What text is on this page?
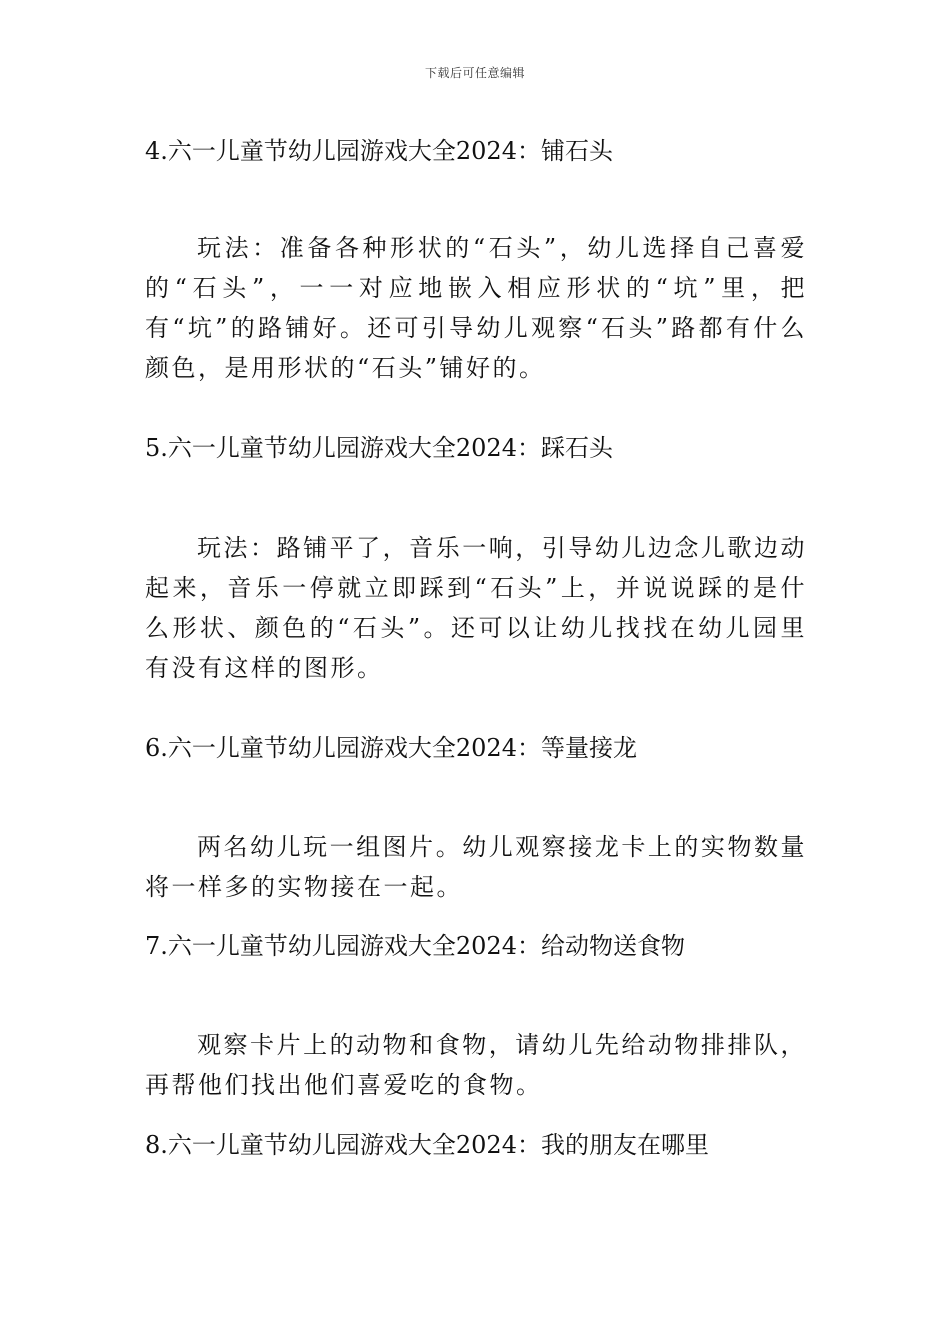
下载后可任意编辑
4.六一儿童节幼儿园游戏大全2024：铺石头

玩法：准备各种形状的“石头”，幼儿选择自己喜爱的“石头”，一一对应地嵌入相应形状的“坑”里，把有“坑”的路铺好。还可引导幼儿观察“石头”路都有什么颜色，是用形状的“石头”铺好的。

5.六一儿童节幼儿园游戏大全2024：踩石头

玩法：路铺平了，音乐一响，引导幼儿边念儿歌边动起来，音乐一停就立即踩到“石头”上，并说说踩的是什么形状、颜色的“石头”。还可以让幼儿找找在幼儿园里有没有这样的图形。

6.六一儿童节幼儿园游戏大全2024：等量接龙

两名幼儿玩一组图片。幼儿观察接龙卡上的实物数量将一样多的实物接在一起。

7.六一儿童节幼儿园游戏大全2024：给动物送食物

观察卡片上的动物和食物，请幼儿先给动物排排队，再帮他们找出他们喜爱吃的食物。

8.六一儿童节幼儿园游戏大全2024：我的朋友在哪里
